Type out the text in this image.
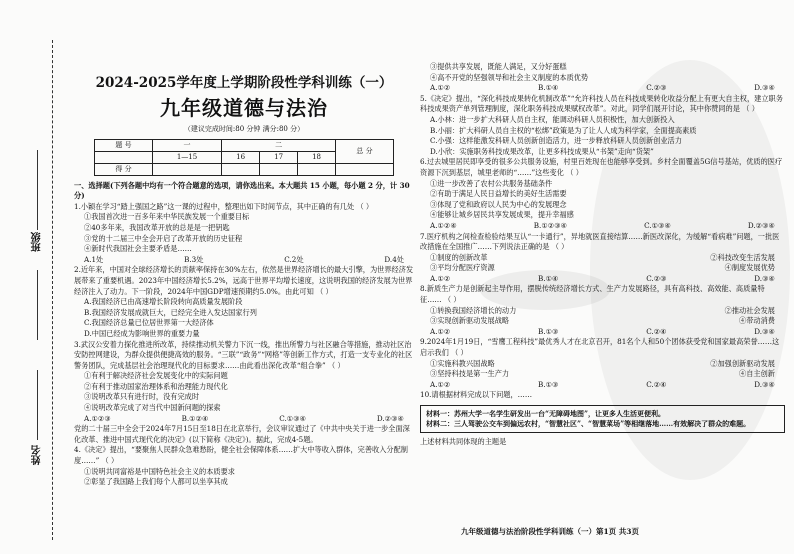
班级
姓名
2024-2025学年度上学期阶段性学科训练（一）
九年级道德与法治
（建议完成时间:80 分钟 满分:80 分）
题 号	一	二			总 分
	1—15	16	17	18	
得 分					

一、选择题(下列各题中均有一个符合题意的选项，请你选出来。本大题共 15 小题，每小题 2 分，计 30 分)

1.小颖在学习“踏上强国之路”这一课的过程中，整理出如下时间节点，其中正确的有几处 （ ）

①我国首次进一百多年来中华民族发展一个重要目标

②40多年来，我国改革开放的总是是一把钥匙

③党的十二届三中全会开启了改革开放的历史征程

④新时代我国社会主要矛盾是……

A.1处	B.3处	C.2处	D.4处

2.近年来，中国对全球经济增长的贡献率保持在30%左右，依然是世界经济增长的最大引擎，为世界经济发展带来了重要机遇。2023年中国经济增长5.2%，远高于世界平均增长速度，这说明我国的经济发展为世界经济注入了动力。下一阶段，2024年中国GDP增速预期约5.0%。由此可知 （ ）

A.我国经济已由高速增长阶段转向高质量发展阶段

B.我国经济发展成就巨大，已经完全进入发达国家行列

C.我国经济总量已位居世界第一大经济体

D.中国已经成为影响世界的重要力量

3.武汉公安着力探化推进所改革，持续推动机关警力下沉一线，推出所警力与社区融合等措施，推动社区治安防控网建设，为群众提供便捷高效的服务。“三联”“政务”“网格”等创新工作方式，打造一支专业化的社区警务团队，完成基层社会治理现代化的目标要求……由此看出深化改革“组合拳” （ ）

①有利于解决经济社会发展变化中的实际问题

②有利于推动国家治理体系和治理能力现代化

③说明改革只有进行时，没有完成时

④说明改革完成了对当代中国新问题的探索

A.①②③	B.①②④	C.①③④	D.②③④

党的二十届三中全会于2024年7月15日至18日在北京举行，会议审议通过了《中共中央关于进一步全面深化改革、推进中国式现代化的决定》(以下简称《决定》)。据此，完成4-5题。

4.《决定》提出，“要聚焦人民群众急难愁盼，健全社会保障体系……扩大中等收入群体，完善收入分配制度……” （ ）

①说明共同富裕是中国特色社会主义的本质要求

②彰显了我国路上我们每个人都可以坐享其成

③提供共享发展，既能人满足，又分好蛋糕

④高不开党的坚强领导和社会主义制度的本质优势

A.①②	B.①④	C.②③	D.③④

5.《决定》提出，“深化科技成果转化机制改革”“允许科技人员在科技成果转化收益分配上有更大自主权，建立职务科技成果资产单列管理制度，深化职务科技成果赋权改革”。对此，同学们展开讨论，其中你赞同的是 （ ）

A.小林：进一步扩大科研人员自主权，能调动科研人员积极性，加大创新投入

B.小丽：扩大科研人员自主权的“松绑”政策是为了让人人成为科学家，全面提高素质

C.小强：这样能激发科研人员创新创造活力，进一步释放科研人员创新创业活力

D.小欣：实施职务科技成果改革，让更多科技成果从“书架”走向“货架”

6.过去城里居民即享受的很多公共服务设施，村里百姓现在也能够享受到。乡村全面覆盖5G信号基站，优质的医疗资源下沉到基层，城里老师的“……”这些变化 （ ）

①进一步改善了农村公共服务基础条件

②有助于满足人民日益增长的美好生活需要

③体现了党和政府以人民为中心的发展理念

④能够让城乡居民共享发展成果，提升幸福感

A.①②④	B.①②③④	C.①③④	D.②③④

7.医疗机构之间检查检验结果互认“一卡通行”，异地就医直接结算……新医改深化，为缓解“看病难”问题，一批医改措施在全国推广……下列说法正确的是 （ ）

①制度的创新改革	②科技改变生活发展
③平均分配医疗资源	④制度发展优势
A.①②	B.①④	C.②③	D.③④

8.新质生产力是创新起主导作用，摆脱传统经济增长方式、生产力发展路径，具有高科技、高效能、高质量特征…… （ ）

①转换我国经济增长的动力	②推动社会发展
③实现创新驱动发展战略	④带动消费
A.①②	B.①③	C.②④	D.③④

9.2024年1月19日，“雪鹰工程科技”最优秀人才在北京召开，81名个人和50个团体获受党和国家最高荣誉……这启示我们 （ ）

①实施科教兴国战略	②加强创新驱动发展
③坚持科技是第一生产力	④自主创新
A.①②	B.①③	C.②④	D.③④

10.请根据材料完成以下问题，……

材料一：苏州大学一名学生研发出一台“无障碍地图”，让更多人生活更便利。
材料二：三人驾驶公交车到偏远农村，“智慧社区”、“智慧菜场”等相继落地……有效解决了群众的难题。

上述材料共同体现的主题是

九年级道德与法治阶段性学科训练（一）第1页 共3页
